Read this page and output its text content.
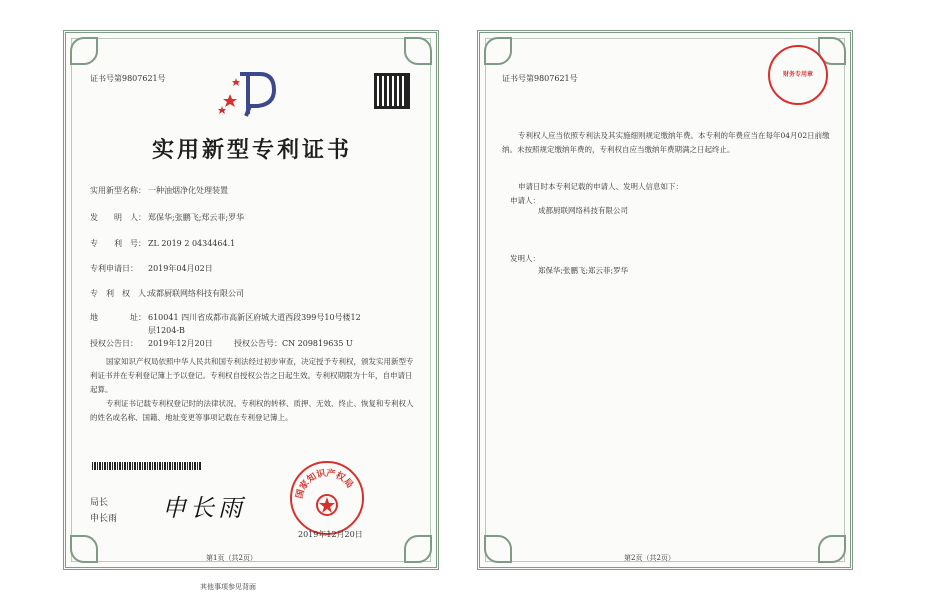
证书号第9807621号
实用新型专利证书
实用新型名称： 一种油烟净化处理装置
发　　明　人： 郑保华;张鹏飞;郑云菲;罗华
专　　利　号： ZL 2019 2 0434464.1
专利申请日： 2019年04月02日
专　利　权　人：成都厨联网络科技有限公司
地　　　　址： 610041 四川省成都市高新区府城大道西段399号10号楼12
层1204-B
授权公告日： 2019年12月20日	授权公告号：CN 209819635 U
国家知识产权局依照中华人民共和国专利法经过初步审查，决定授予专利权，颁发实用新型专利证书并在专利登记簿上予以登记。专利权自授权公告之日起生效。专利权期限为十年，自申请日起算。
专利证书记载专利权登记时的法律状况。专利权的转移、质押、无效、终止、恢复和专利权人的姓名或名称、国籍、地址变更等事项记载在专利登记簿上。
局长
申长雨 申长雨	国家知识产权局
2019年12月20日
第1页（共2页）
证书号第9807621号	财务专用章
专利权人应当依照专利法及其实施细则规定缴纳年费。本专利的年费应当在每年04月02日前缴纳。未按照规定缴纳年费的，专利权自应当缴纳年费期满之日起终止。
申请日时本专利记载的申请人、发明人信息如下：
申请人：
成都厨联网络科技有限公司
发明人：
郑保华;张鹏飞;郑云菲;罗华
第2页（共2页）
其他事项参见背面
